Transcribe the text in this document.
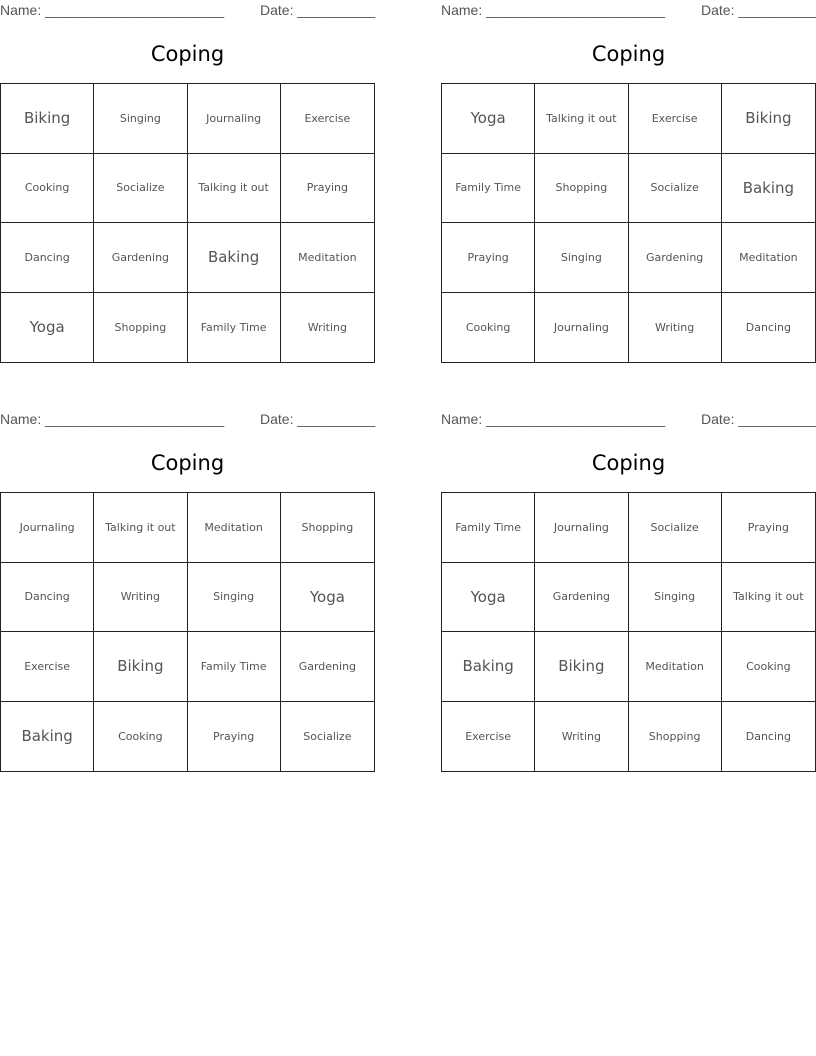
Name: _______________________	Date: __________
Coping
Biking	Singing	Journaling	Exercise
Cooking	Socialize	Talking it out	Praying
Dancing	Gardening	Baking	Meditation
Yoga	Shopping	Family Time	Writing
Name: _______________________	Date: __________
Coping
Yoga	Talking it out	Exercise	Biking
Family Time	Shopping	Socialize	Baking
Praying	Singing	Gardening	Meditation
Cooking	Journaling	Writing	Dancing
Name: _______________________	Date: __________
Coping
Journaling	Talking it out	Meditation	Shopping
Dancing	Writing	Singing	Yoga
Exercise	Biking	Family Time	Gardening
Baking	Cooking	Praying	Socialize
Name: _______________________	Date: __________
Coping
Family Time	Journaling	Socialize	Praying
Yoga	Gardening	Singing	Talking it out
Baking	Biking	Meditation	Cooking
Exercise	Writing	Shopping	Dancing
